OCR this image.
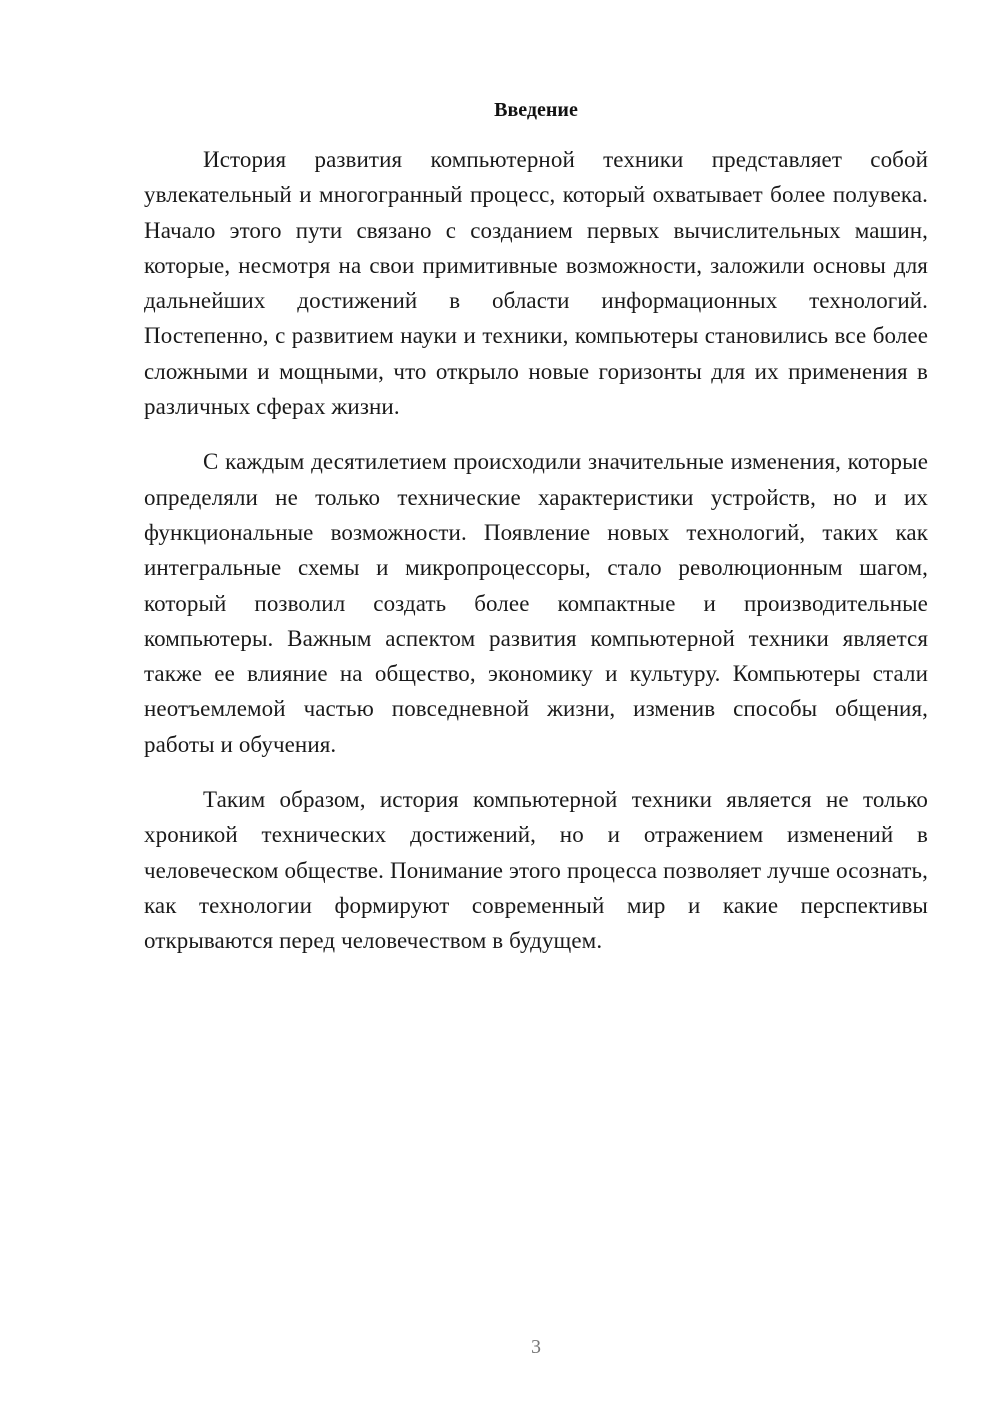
Введение

История развития компьютерной техники представляет собой увлекательный и многогранный процесс, который охватывает более полувека. Начало этого пути связано с созданием первых вычислительных машин, которые, несмотря на свои примитивные возможности, заложили основы для дальнейших достижений в области информационных технологий. Постепенно, с развитием науки и техники, компьютеры становились все более сложными и мощными, что открыло новые горизонты для их применения в различных сферах жизни.

С каждым десятилетием происходили значительные изменения, которые определяли не только технические характеристики устройств, но и их функциональные возможности. Появление новых технологий, таких как интегральные схемы и микропроцессоры, стало революционным шагом, который позволил создать более компактные и производительные компьютеры. Важным аспектом развития компьютерной техники является также ее влияние на общество, экономику и культуру. Компьютеры стали неотъемлемой частью повседневной жизни, изменив способы общения, работы и обучения.

Таким образом, история компьютерной техники является не только хроникой технических достижений, но и отражением изменений в человеческом обществе. Понимание этого процесса позволяет лучше осознать, как технологии формируют современный мир и какие перспективы открываются перед человечеством в будущем.

3
